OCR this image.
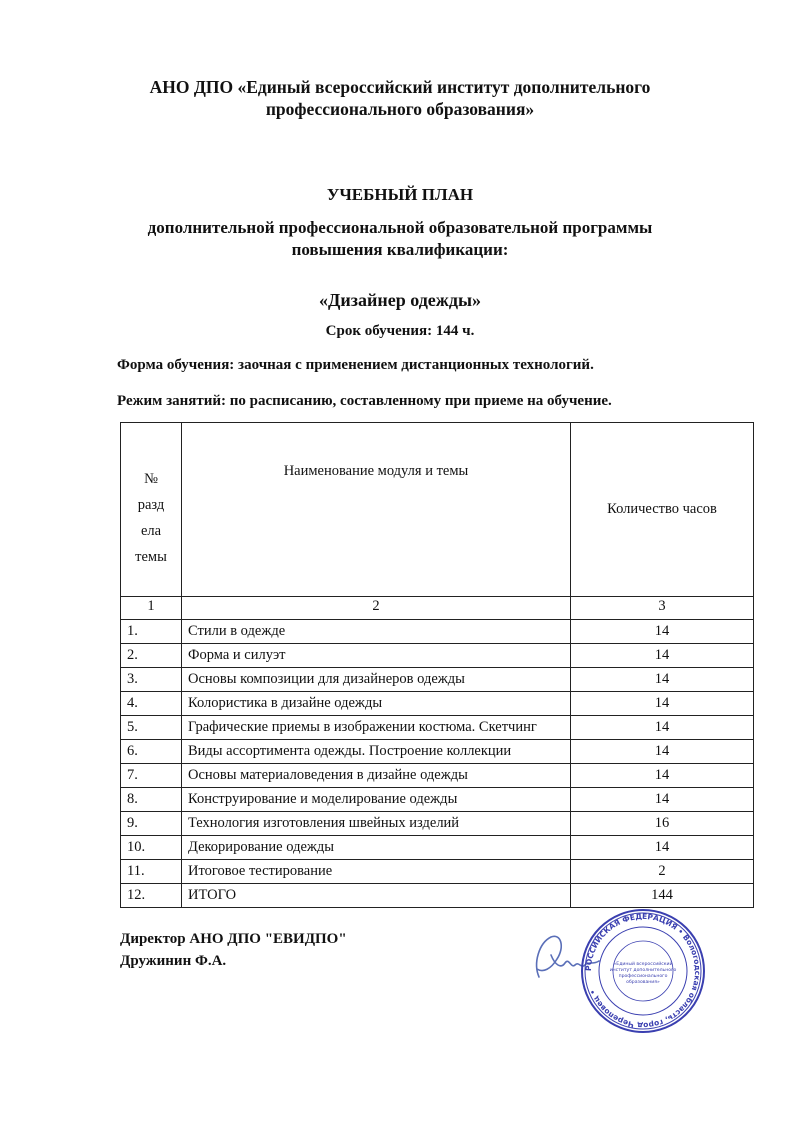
АНО ДПО «Единый всероссийский институт дополнительного
профессионального образования»
УЧЕБНЫЙ ПЛАН
дополнительной профессиональной образовательной программы
повышения квалификации:
«Дизайнер одежды»
Срок обучения: 144 ч.
Форма обучения: заочная с применением дистанционных технологий.
Режим занятий: по расписанию, составленному при приеме на обучение.
№
разд
ела
темы	Наименование модуля и темы	Количество часов
1	2	3
1.	Стили в одежде	14
2.	Форма и силуэт	14
3.	Основы композиции для дизайнеров одежды	14
4.	Колористика в дизайне одежды	14
5.	Графические приемы в изображении костюма. Скетчинг	14
6.	Виды ассортимента одежды. Построение коллекции	14
7.	Основы материаловедения в дизайне одежды	14
8.	Конструирование и моделирование одежды	14
9.	Технология изготовления швейных изделий	16
10.	Декорирование одежды	14
11.	Итоговое тестирование	2
12.	ИТОГО	144
Директор АНО ДПО "ЕВИДПО"
Дружинин Ф.А.	РОССИЙСКАЯ ФЕДЕРАЦИЯ • Вологодская область, город Череповец •
«Единый всероссийский
институт дополнительного
профессионального
образования»
